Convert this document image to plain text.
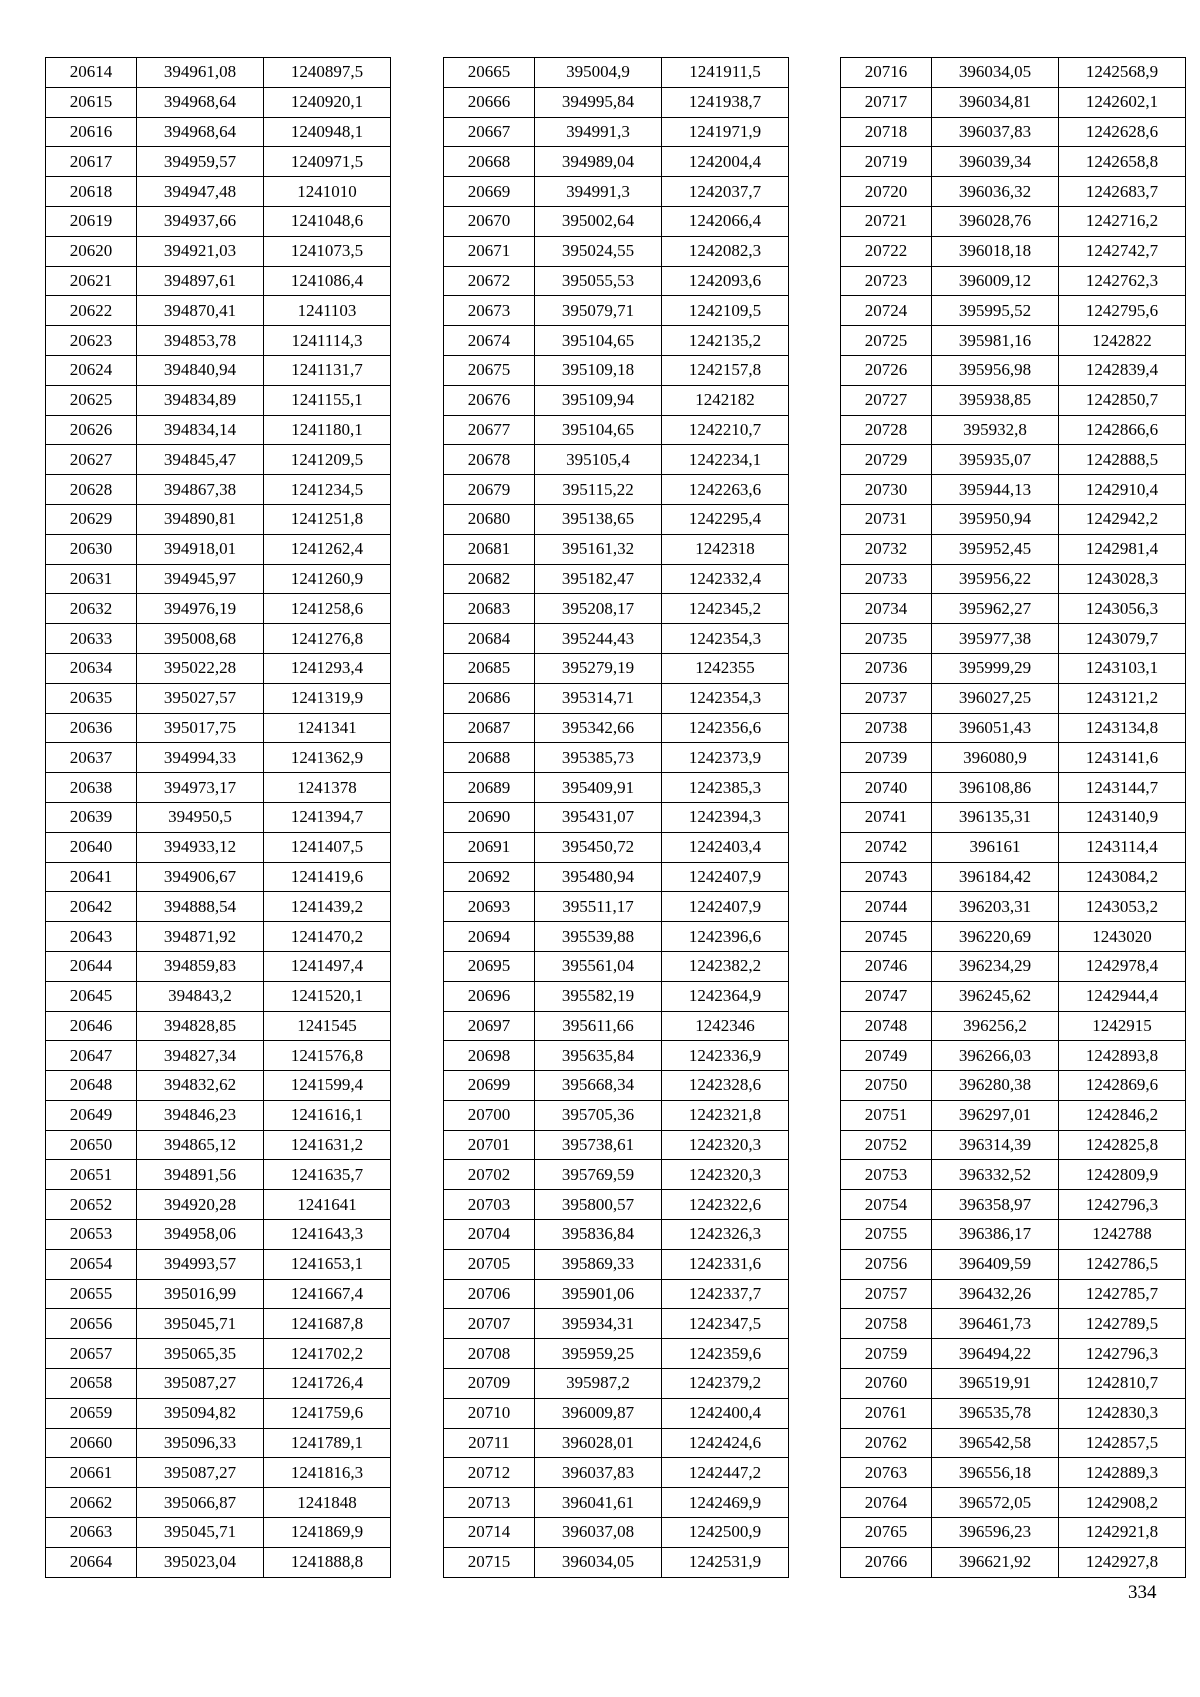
20614	394961,08	1240897,5
20615	394968,64	1240920,1
20616	394968,64	1240948,1
20617	394959,57	1240971,5
20618	394947,48	1241010
20619	394937,66	1241048,6
20620	394921,03	1241073,5
20621	394897,61	1241086,4
20622	394870,41	1241103
20623	394853,78	1241114,3
20624	394840,94	1241131,7
20625	394834,89	1241155,1
20626	394834,14	1241180,1
20627	394845,47	1241209,5
20628	394867,38	1241234,5
20629	394890,81	1241251,8
20630	394918,01	1241262,4
20631	394945,97	1241260,9
20632	394976,19	1241258,6
20633	395008,68	1241276,8
20634	395022,28	1241293,4
20635	395027,57	1241319,9
20636	395017,75	1241341
20637	394994,33	1241362,9
20638	394973,17	1241378
20639	394950,5	1241394,7
20640	394933,12	1241407,5
20641	394906,67	1241419,6
20642	394888,54	1241439,2
20643	394871,92	1241470,2
20644	394859,83	1241497,4
20645	394843,2	1241520,1
20646	394828,85	1241545
20647	394827,34	1241576,8
20648	394832,62	1241599,4
20649	394846,23	1241616,1
20650	394865,12	1241631,2
20651	394891,56	1241635,7
20652	394920,28	1241641
20653	394958,06	1241643,3
20654	394993,57	1241653,1
20655	395016,99	1241667,4
20656	395045,71	1241687,8
20657	395065,35	1241702,2
20658	395087,27	1241726,4
20659	395094,82	1241759,6
20660	395096,33	1241789,1
20661	395087,27	1241816,3
20662	395066,87	1241848
20663	395045,71	1241869,9
20664	395023,04	1241888,8
20665	395004,9	1241911,5
20666	394995,84	1241938,7
20667	394991,3	1241971,9
20668	394989,04	1242004,4
20669	394991,3	1242037,7
20670	395002,64	1242066,4
20671	395024,55	1242082,3
20672	395055,53	1242093,6
20673	395079,71	1242109,5
20674	395104,65	1242135,2
20675	395109,18	1242157,8
20676	395109,94	1242182
20677	395104,65	1242210,7
20678	395105,4	1242234,1
20679	395115,22	1242263,6
20680	395138,65	1242295,4
20681	395161,32	1242318
20682	395182,47	1242332,4
20683	395208,17	1242345,2
20684	395244,43	1242354,3
20685	395279,19	1242355
20686	395314,71	1242354,3
20687	395342,66	1242356,6
20688	395385,73	1242373,9
20689	395409,91	1242385,3
20690	395431,07	1242394,3
20691	395450,72	1242403,4
20692	395480,94	1242407,9
20693	395511,17	1242407,9
20694	395539,88	1242396,6
20695	395561,04	1242382,2
20696	395582,19	1242364,9
20697	395611,66	1242346
20698	395635,84	1242336,9
20699	395668,34	1242328,6
20700	395705,36	1242321,8
20701	395738,61	1242320,3
20702	395769,59	1242320,3
20703	395800,57	1242322,6
20704	395836,84	1242326,3
20705	395869,33	1242331,6
20706	395901,06	1242337,7
20707	395934,31	1242347,5
20708	395959,25	1242359,6
20709	395987,2	1242379,2
20710	396009,87	1242400,4
20711	396028,01	1242424,6
20712	396037,83	1242447,2
20713	396041,61	1242469,9
20714	396037,08	1242500,9
20715	396034,05	1242531,9
20716	396034,05	1242568,9
20717	396034,81	1242602,1
20718	396037,83	1242628,6
20719	396039,34	1242658,8
20720	396036,32	1242683,7
20721	396028,76	1242716,2
20722	396018,18	1242742,7
20723	396009,12	1242762,3
20724	395995,52	1242795,6
20725	395981,16	1242822
20726	395956,98	1242839,4
20727	395938,85	1242850,7
20728	395932,8	1242866,6
20729	395935,07	1242888,5
20730	395944,13	1242910,4
20731	395950,94	1242942,2
20732	395952,45	1242981,4
20733	395956,22	1243028,3
20734	395962,27	1243056,3
20735	395977,38	1243079,7
20736	395999,29	1243103,1
20737	396027,25	1243121,2
20738	396051,43	1243134,8
20739	396080,9	1243141,6
20740	396108,86	1243144,7
20741	396135,31	1243140,9
20742	396161	1243114,4
20743	396184,42	1243084,2
20744	396203,31	1243053,2
20745	396220,69	1243020
20746	396234,29	1242978,4
20747	396245,62	1242944,4
20748	396256,2	1242915
20749	396266,03	1242893,8
20750	396280,38	1242869,6
20751	396297,01	1242846,2
20752	396314,39	1242825,8
20753	396332,52	1242809,9
20754	396358,97	1242796,3
20755	396386,17	1242788
20756	396409,59	1242786,5
20757	396432,26	1242785,7
20758	396461,73	1242789,5
20759	396494,22	1242796,3
20760	396519,91	1242810,7
20761	396535,78	1242830,3
20762	396542,58	1242857,5
20763	396556,18	1242889,3
20764	396572,05	1242908,2
20765	396596,23	1242921,8
20766	396621,92	1242927,8
334
